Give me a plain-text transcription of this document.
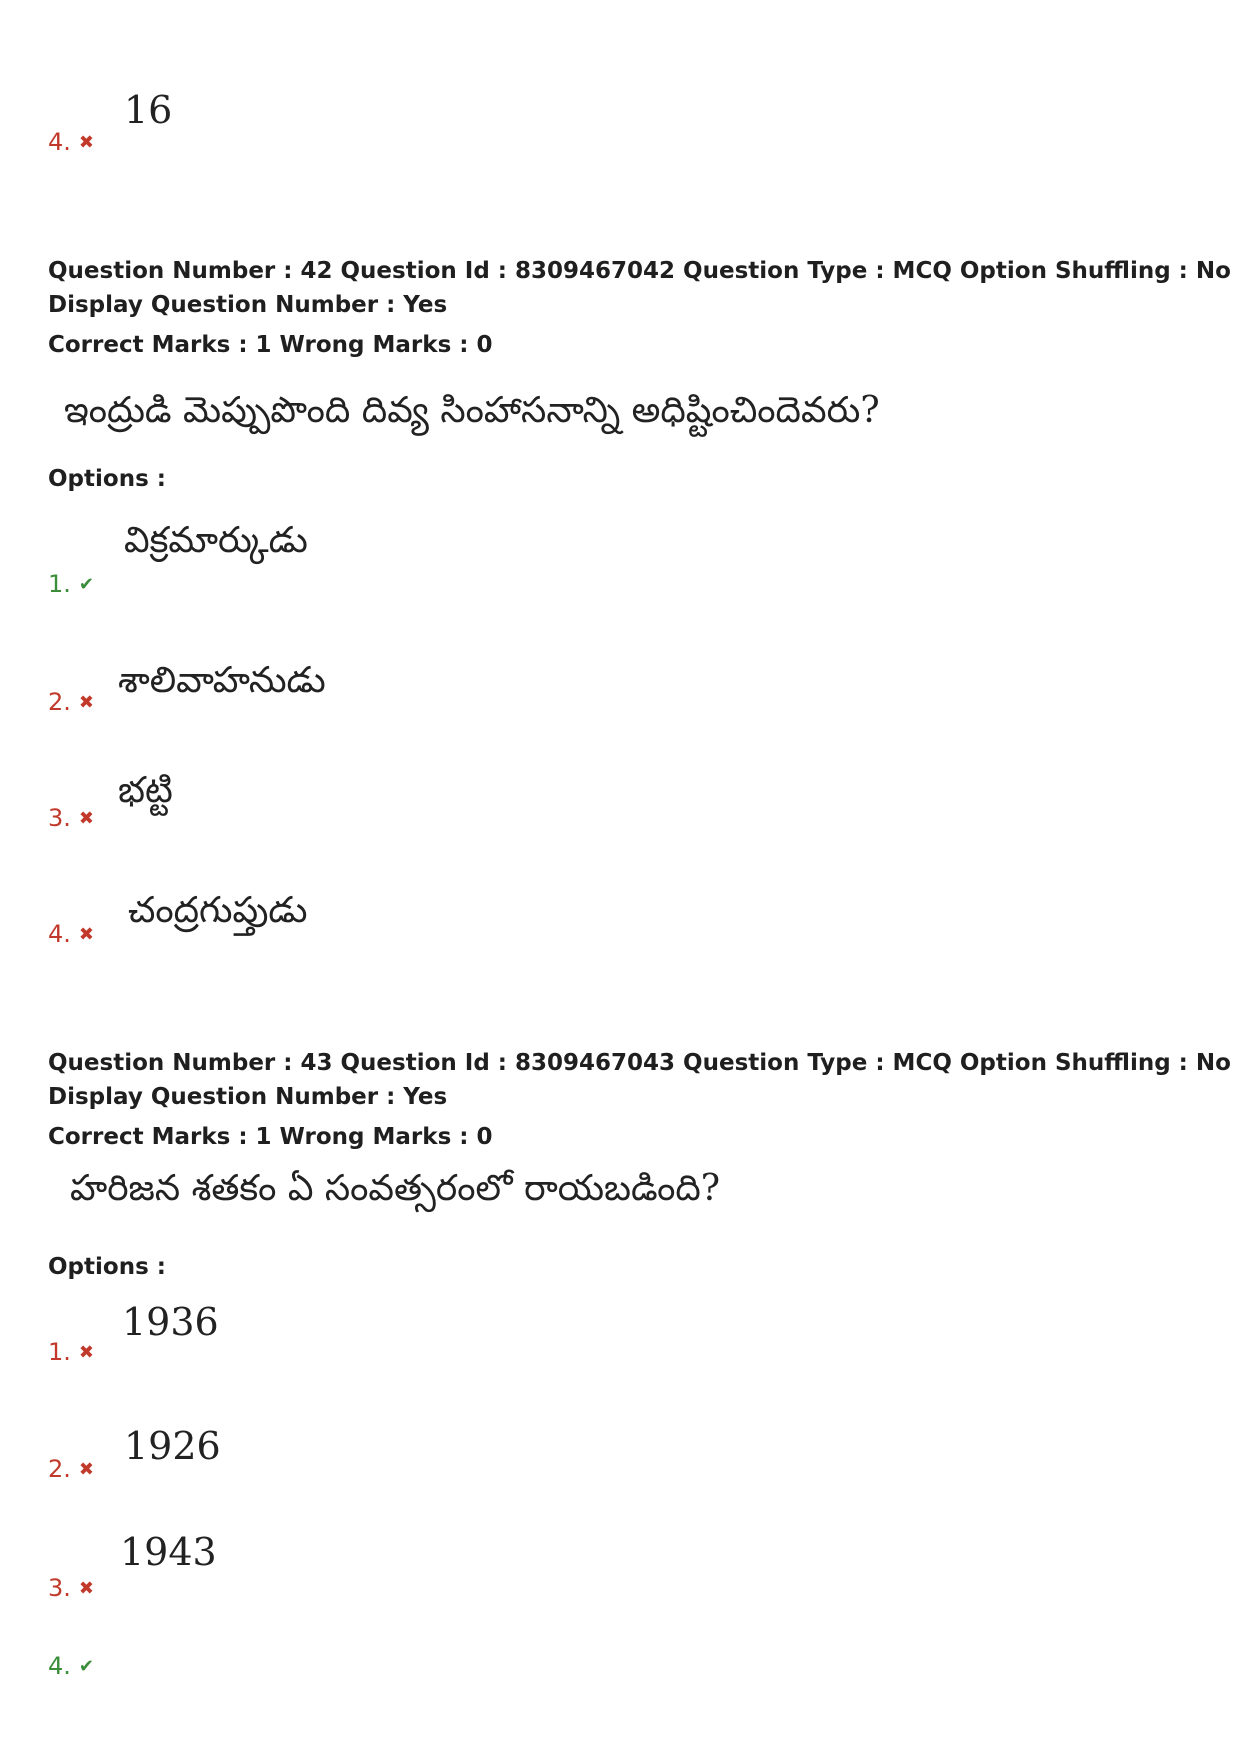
16
4. ✖
Question Number : 42 Question Id : 8309467042 Question Type : MCQ Option Shuffling : No
Display Question Number : Yes
Correct Marks : 1 Wrong Marks : 0
ఇంద్రుడి మెప్పుపొంది దివ్య సింహాసనాన్ని అధిష్టించిందెవరు?
Options :
విక్రమార్కుడు
1. ✔
శాలివాహనుడు
2. ✖
భట్టి
3. ✖
చంద్రగుప్తుడు
4. ✖
Question Number : 43 Question Id : 8309467043 Question Type : MCQ Option Shuffling : No
Display Question Number : Yes
Correct Marks : 1 Wrong Marks : 0
హరిజన శతకం ఏ సంవత్సరంలో రాయబడింది?
Options :
1936
1. ✖
1926
2. ✖
1943
3. ✖
4. ✔
